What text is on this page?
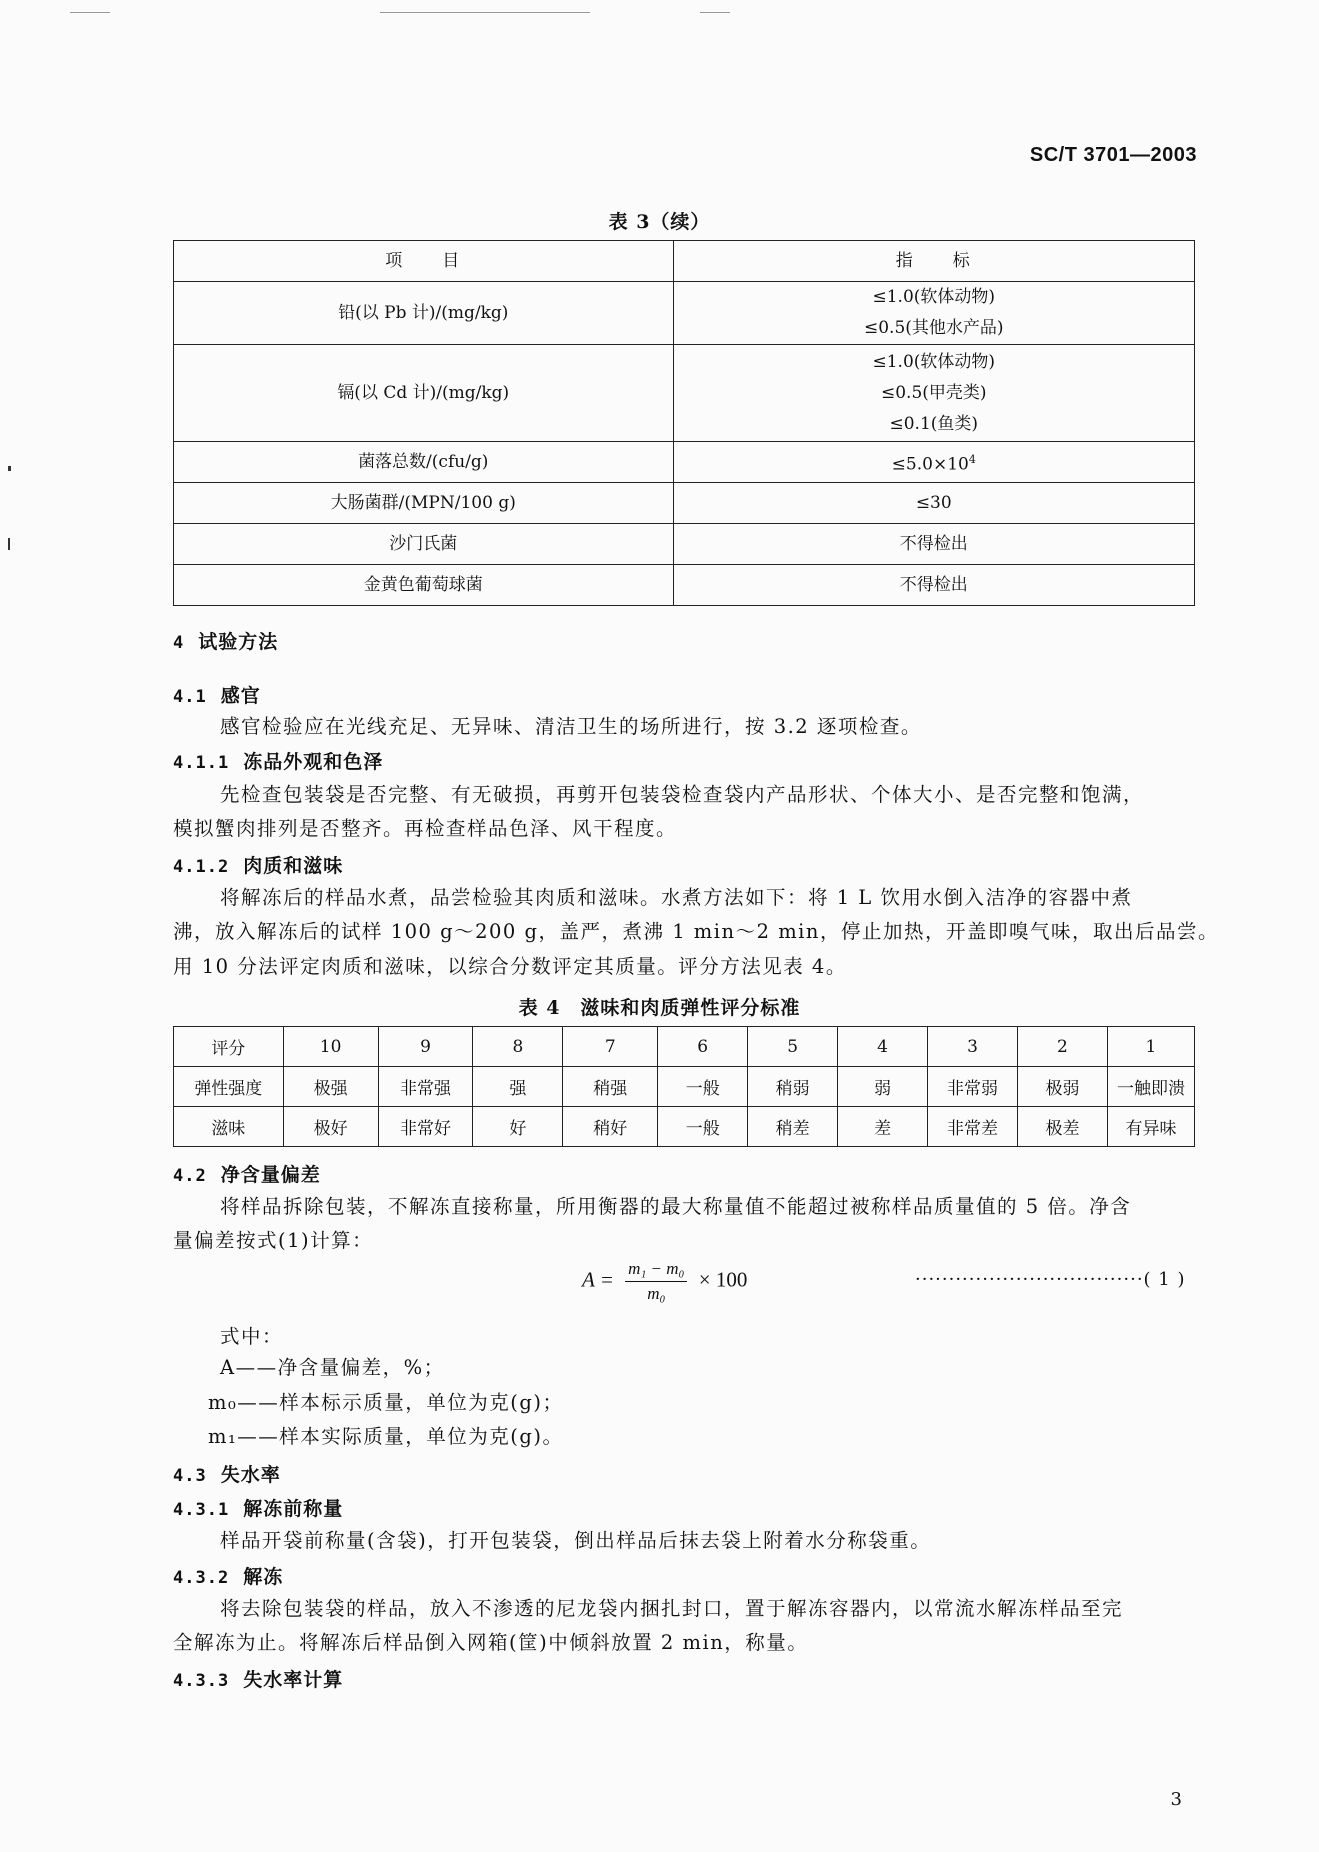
SC/T 3701—2003
表 3（续）
项　　目	指　　标
铅(以 Pb 计)/(mg/kg)	≤1.0(软体动物)
≤0.5(其他水产品)

镉(以 Cd 计)/(mg/kg)	≤1.0(软体动物)
≤0.5(甲壳类)
≤0.1(鱼类)

菌落总数/(cfu/g)	$\le 5.0\times 10^4$
大肠菌群/(MPN/100 g)	≤30
沙门氏菌	不得检出
金黄色葡萄球菌	不得检出
4 试验方法
4.1 感官
感官检验应在光线充足、无异味、清洁卫生的场所进行，按 3.2 逐项检查。
4.1.1 冻品外观和色泽
先检查包装袋是否完整、有无破损，再剪开包装袋检查袋内产品形状、个体大小、是否完整和饱满，
模拟蟹肉排列是否整齐。再检查样品色泽、风干程度。
4.1.2 肉质和滋味
将解冻后的样品水煮，品尝检验其肉质和滋味。水煮方法如下：将 1 L 饮用水倒入洁净的容器中煮
沸，放入解冻后的试样 100 g～200 g，盖严，煮沸 1 min～2 min，停止加热，开盖即嗅气味，取出后品尝。
用 10 分法评定肉质和滋味，以综合分数评定其质量。评分方法见表 4。
表 4　滋味和肉质弹性评分标准
评分	10	9	8	7	6	5	4	3	2	1
弹性强度	极强	非常强	强	稍强	一般	稍弱	弱	非常弱	极弱	一触即溃
滋味	极好	非常好	好	稍好	一般	稍差	差	非常差	极差	有异味
4.2 净含量偏差
将样品拆除包装，不解冻直接称量，所用衡器的最大称量值不能超过被称样品质量值的 5 倍。净含
量偏差按式(1)计算：
$A = \frac{\text{m₁ − m₀}}{\text{m₀}} \times 100$	··································( 1 )
式中：
A——净含量偏差，%；
m₀——样本标示质量，单位为克(g)；
m₁——样本实际质量，单位为克(g)。
4.3 失水率
4.3.1 解冻前称量
样品开袋前称量(含袋)，打开包装袋，倒出样品后抹去袋上附着水分称袋重。
4.3.2 解冻
将去除包装袋的样品，放入不渗透的尼龙袋内捆扎封口，置于解冻容器内，以常流水解冻样品至完
全解冻为止。将解冻后样品倒入网箱(筐)中倾斜放置 2 min，称量。
4.3.3 失水率计算
3
